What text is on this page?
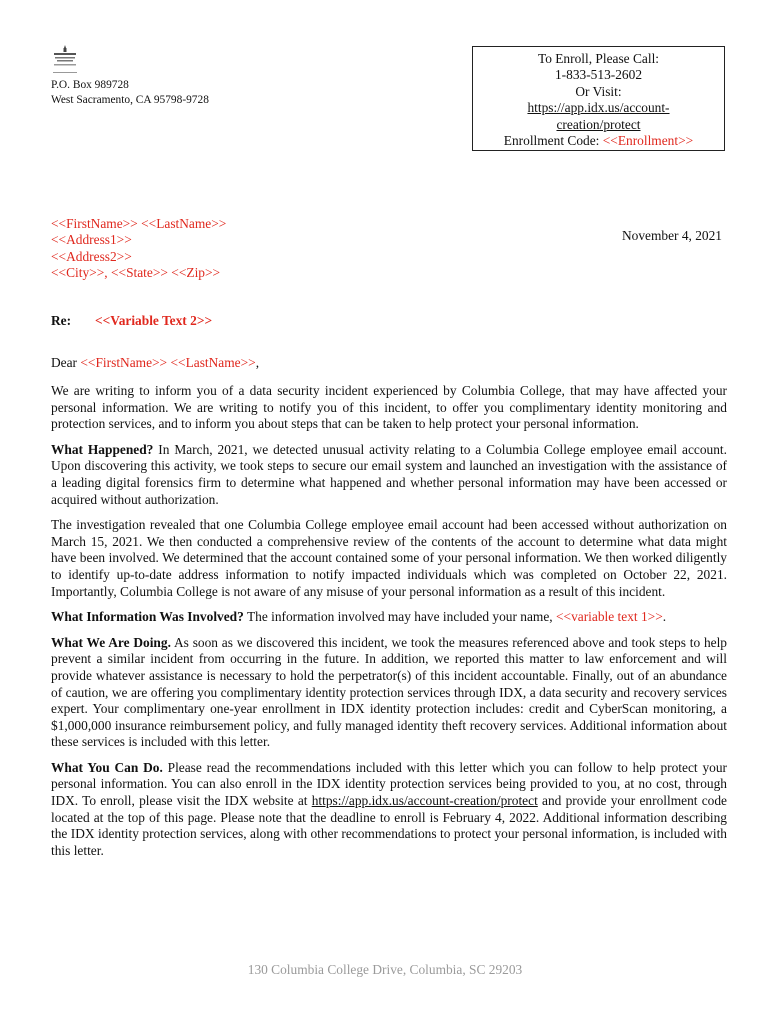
P.O. Box 989728
West Sacramento, CA 95798-9728
To Enroll, Please Call:
1-833-513-2602
Or Visit:
https://app.idx.us/account-
creation/protect
Enrollment Code: <<Enrollment>>
<<FirstName>> <<LastName>>
<<Address1>>
<<Address2>>
<<City>>, <<State>> <<Zip>>
November 4, 2021
Re: <<Variable Text 2>>
Dear <<FirstName>> <<LastName>>,

We are writing to inform you of a data security incident experienced by Columbia College, that may have affected your personal information. We are writing to notify you of this incident, to offer you complimentary identity monitoring and protection services, and to inform you about steps that can be taken to help protect your personal information.

What Happened? In March, 2021, we detected unusual activity relating to a Columbia College employee email account. Upon discovering this activity, we took steps to secure our email system and launched an investigation with the assistance of a leading digital forensics firm to determine what happened and whether personal information may have been accessed or acquired without authorization.

The investigation revealed that one Columbia College employee email account had been accessed without authorization on March 15, 2021. We then conducted a comprehensive review of the contents of the account to determine what data might have been involved. We determined that the account contained some of your personal information. We then worked diligently to identify up-to-date address information to notify impacted individuals which was completed on October 22, 2021. Importantly, Columbia College is not aware of any misuse of your personal information as a result of this incident.

What Information Was Involved? The information involved may have included your name, <<variable text 1>>.

What We Are Doing. As soon as we discovered this incident, we took the measures referenced above and took steps to help prevent a similar incident from occurring in the future. In addition, we reported this matter to law enforcement and will provide whatever assistance is necessary to hold the perpetrator(s) of this incident accountable. Finally, out of an abundance of caution, we are offering you complimentary identity protection services through IDX, a data security and recovery services expert. Your complimentary one-year enrollment in IDX identity protection includes: credit and CyberScan monitoring, a $1,000,000 insurance reimbursement policy, and fully managed identity theft recovery services. Additional information about these services is included with this letter.

What You Can Do. Please read the recommendations included with this letter which you can follow to help protect your personal information. You can also enroll in the IDX identity protection services being provided to you, at no cost, through IDX. To enroll, please visit the IDX website at https://app.idx.us/account-creation/protect and provide your enrollment code located at the top of this page. Please note that the deadline to enroll is February 4, 2022. Additional information describing the IDX identity protection services, along with other recommendations to protect your personal information, is included with this letter.

130 Columbia College Drive, Columbia, SC 29203
